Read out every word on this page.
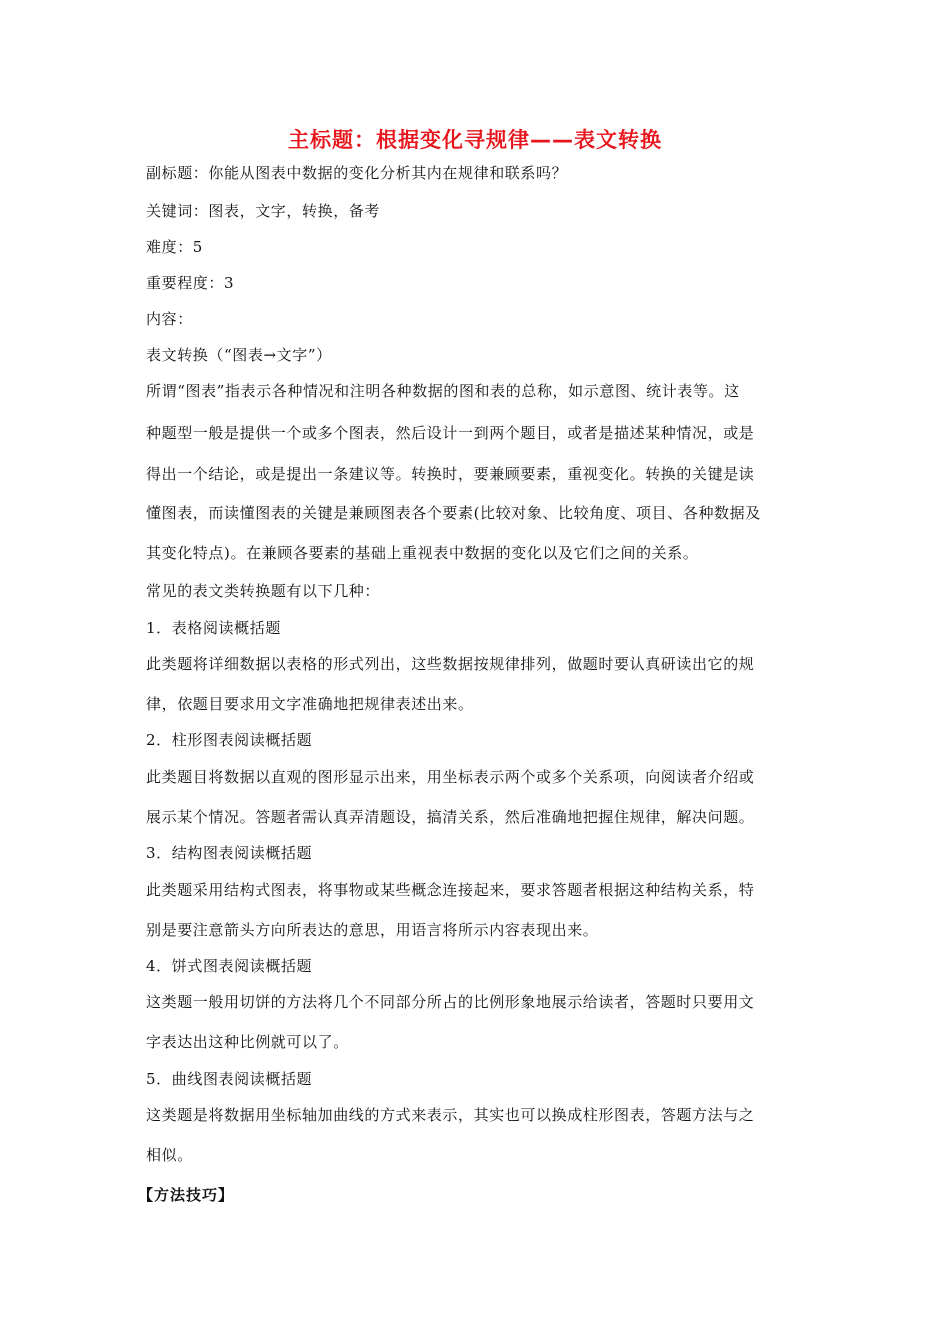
主标题：根据变化寻规律——表文转换
副标题：你能从图表中数据的变化分析其内在规律和联系吗？
关键词：图表，文字，转换，备考
难度：5
重要程度：3
内容：
表文转换（“图表→文字”）
所谓“图表”指表示各种情况和注明各种数据的图和表的总称，如示意图、统计表等。这
种题型一般是提供一个或多个图表，然后设计一到两个题目，或者是描述某种情况，或是
得出一个结论，或是提出一条建议等。转换时，要兼顾要素，重视变化。转换的关键是读
懂图表，而读懂图表的关键是兼顾图表各个要素(比较对象、比较角度、项目、各种数据及
其变化特点)。在兼顾各要素的基础上重视表中数据的变化以及它们之间的关系。
常见的表文类转换题有以下几种：
1．表格阅读概括题
此类题将详细数据以表格的形式列出，这些数据按规律排列，做题时要认真研读出它的规
律，依题目要求用文字准确地把规律表述出来。
2．柱形图表阅读概括题
此类题目将数据以直观的图形显示出来，用坐标表示两个或多个关系项，向阅读者介绍或
展示某个情况。答题者需认真弄清题设，搞清关系，然后准确地把握住规律，解决问题。
3．结构图表阅读概括题
此类题采用结构式图表，将事物或某些概念连接起来，要求答题者根据这种结构关系，特
别是要注意箭头方向所表达的意思，用语言将所示内容表现出来。
4．饼式图表阅读概括题
这类题一般用切饼的方法将几个不同部分所占的比例形象地展示给读者，答题时只要用文
字表达出这种比例就可以了。
5．曲线图表阅读概括题
这类题是将数据用坐标轴加曲线的方式来表示，其实也可以换成柱形图表，答题方法与之
相似。
【方法技巧】
